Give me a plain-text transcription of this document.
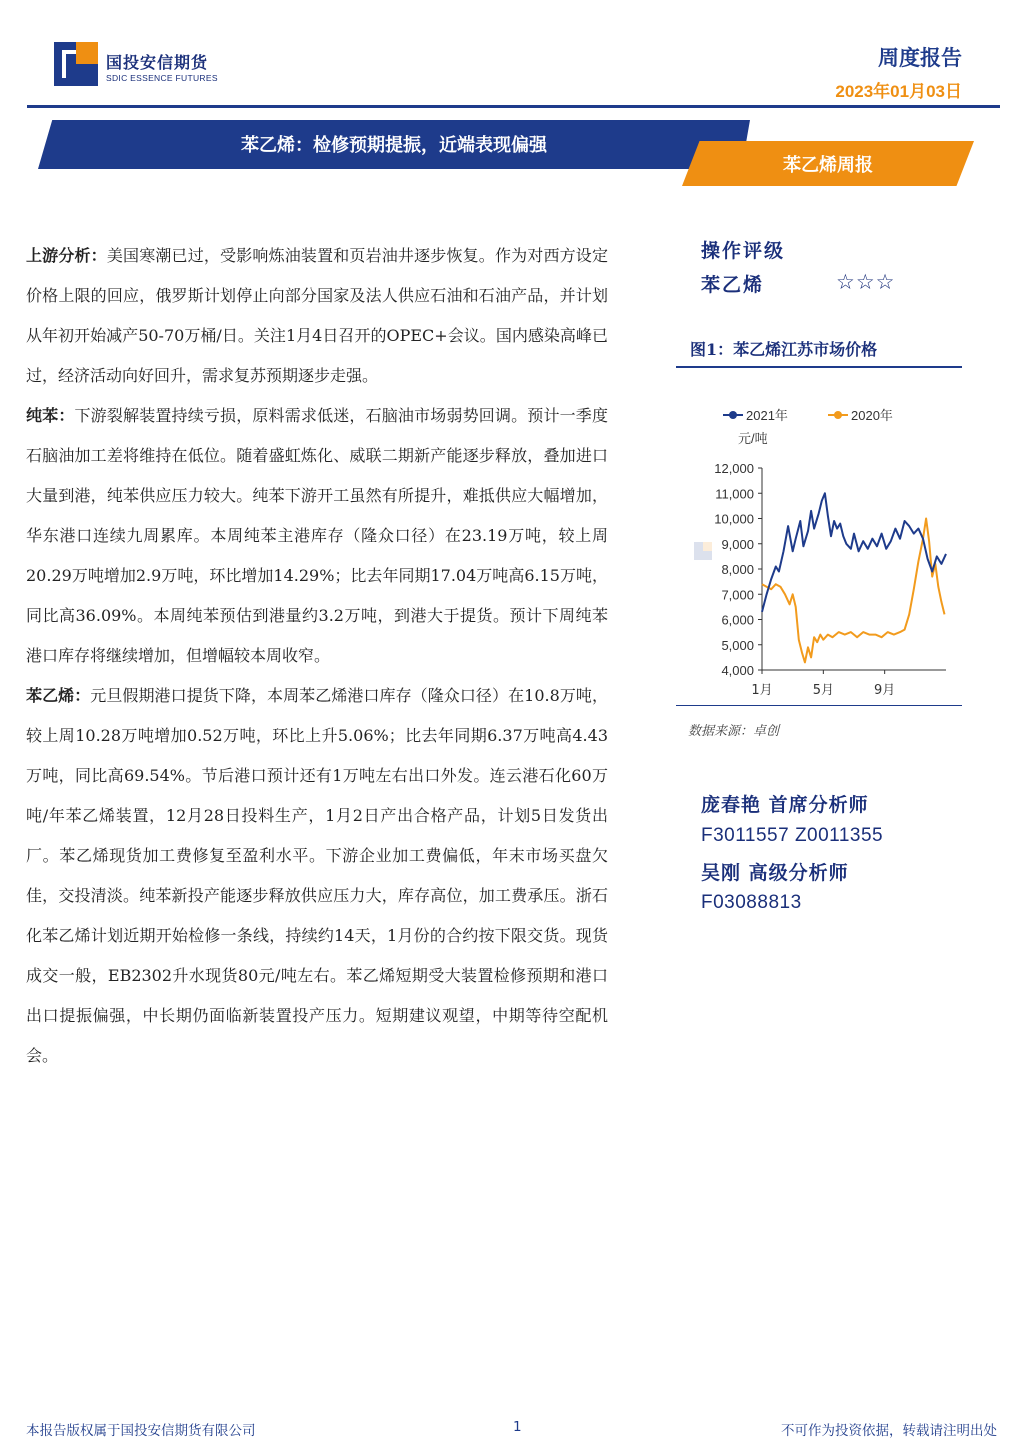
国投安信期货
SDIC ESSENCE FUTURES
周度报告
2023年01月03日
苯乙烯：检修预期提振，近端表现偏强
苯乙烯周报

上游分析：美国寒潮已过，受影响炼油装置和页岩油井逐步恢复。作为对西方设定价格上限的回应，俄罗斯计划停止向部分国家及法人供应石油和石油产品，并计划从年初开始减产50-70万桶/日。关注1月4日召开的OPEC+会议。国内感染高峰已过，经济活动向好回升，需求复苏预期逐步走强。

纯苯：下游裂解装置持续亏损，原料需求低迷，石脑油市场弱势回调。预计一季度石脑油加工差将维持在低位。随着盛虹炼化、威联二期新产能逐步释放，叠加进口大量到港，纯苯供应压力较大。纯苯下游开工虽然有所提升，难抵供应大幅增加，华东港口连续九周累库。本周纯苯主港库存（隆众口径）在23.19万吨，较上周20.29万吨增加2.9万吨，环比增加14.29%；比去年同期17.04万吨高6.15万吨，同比高36.09%。本周纯苯预估到港量约3.2万吨，到港大于提货。预计下周纯苯港口库存将继续增加，但增幅较本周收窄。

苯乙烯：元旦假期港口提货下降，本周苯乙烯港口库存（隆众口径）在10.8万吨，较上周10.28万吨增加0.52万吨，环比上升5.06%；比去年同期6.37万吨高4.43万吨，同比高69.54%。节后港口预计还有1万吨左右出口外发。连云港石化60万吨/年苯乙烯装置，12月28日投料生产，1月2日产出合格产品，计划5日发货出厂。苯乙烯现货加工费修复至盈利水平。下游企业加工费偏低，年末市场买盘欠佳，交投清淡。纯苯新投产能逐步释放供应压力大，库存高位，加工费承压。浙石化苯乙烯计划近期开始检修一条线，持续约14天，1月份的合约按下限交货。现货成交一般，EB2302升水现货80元/吨左右。苯乙烯短期受大装置检修预期和港口出口提振偏强，中长期仍面临新装置投产压力。短期建议观望，中期等待空配机会。

操作评级
苯乙烯	☆☆☆
图1：苯乙烯江苏市场价格
4,000
5,000
6,000
7,000
8,000
9,000
10,000
11,000
12,000
1月	5月	9月
2021年	2020年
元/吨
数据来源：卓创
庞春艳 首席分析师
F3011557 Z0011355
吴刚 高级分析师
F03088813
本报告版权属于国投安信期货有限公司	1	不可作为投资依据，转载请注明出处
